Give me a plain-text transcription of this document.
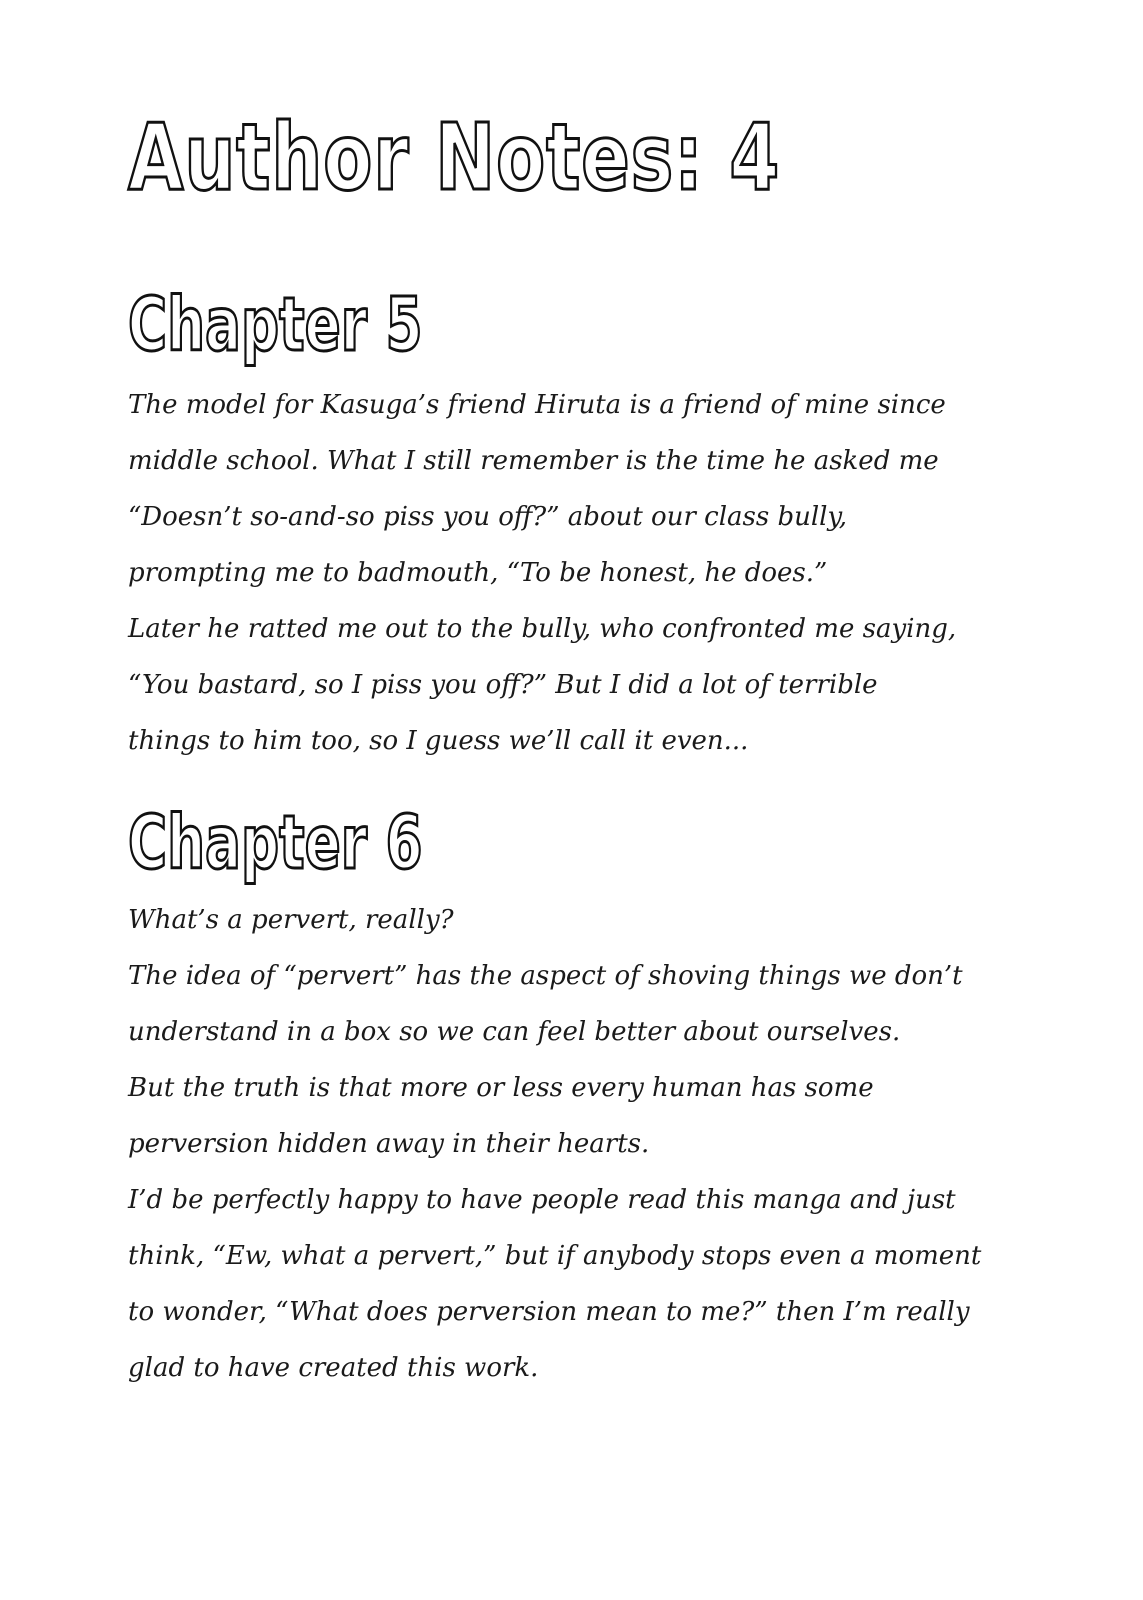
Author Notes: 4
Chapter 5
The model for Kasuga’s friend Hiruta is a friend of mine since
middle school. What I still remember is the time he asked me
“Doesn’t so-and-so piss you off?” about our class bully,
prompting me to badmouth, “To be honest, he does.”
Later he ratted me out to the bully, who confronted me saying,
“You bastard, so I piss you off?” But I did a lot of terrible
things to him too, so I guess we’ll call it even...
Chapter 6
What’s a pervert, really?
The idea of “pervert” has the aspect of shoving things we don’t
understand in a box so we can feel better about ourselves.
But the truth is that more or less every human has some
perversion hidden away in their hearts.
I’d be perfectly happy to have people read this manga and just
think, “Ew, what a pervert,” but if anybody stops even a moment
to wonder, “What does perversion mean to me?” then I’m really
glad to have created this work.
